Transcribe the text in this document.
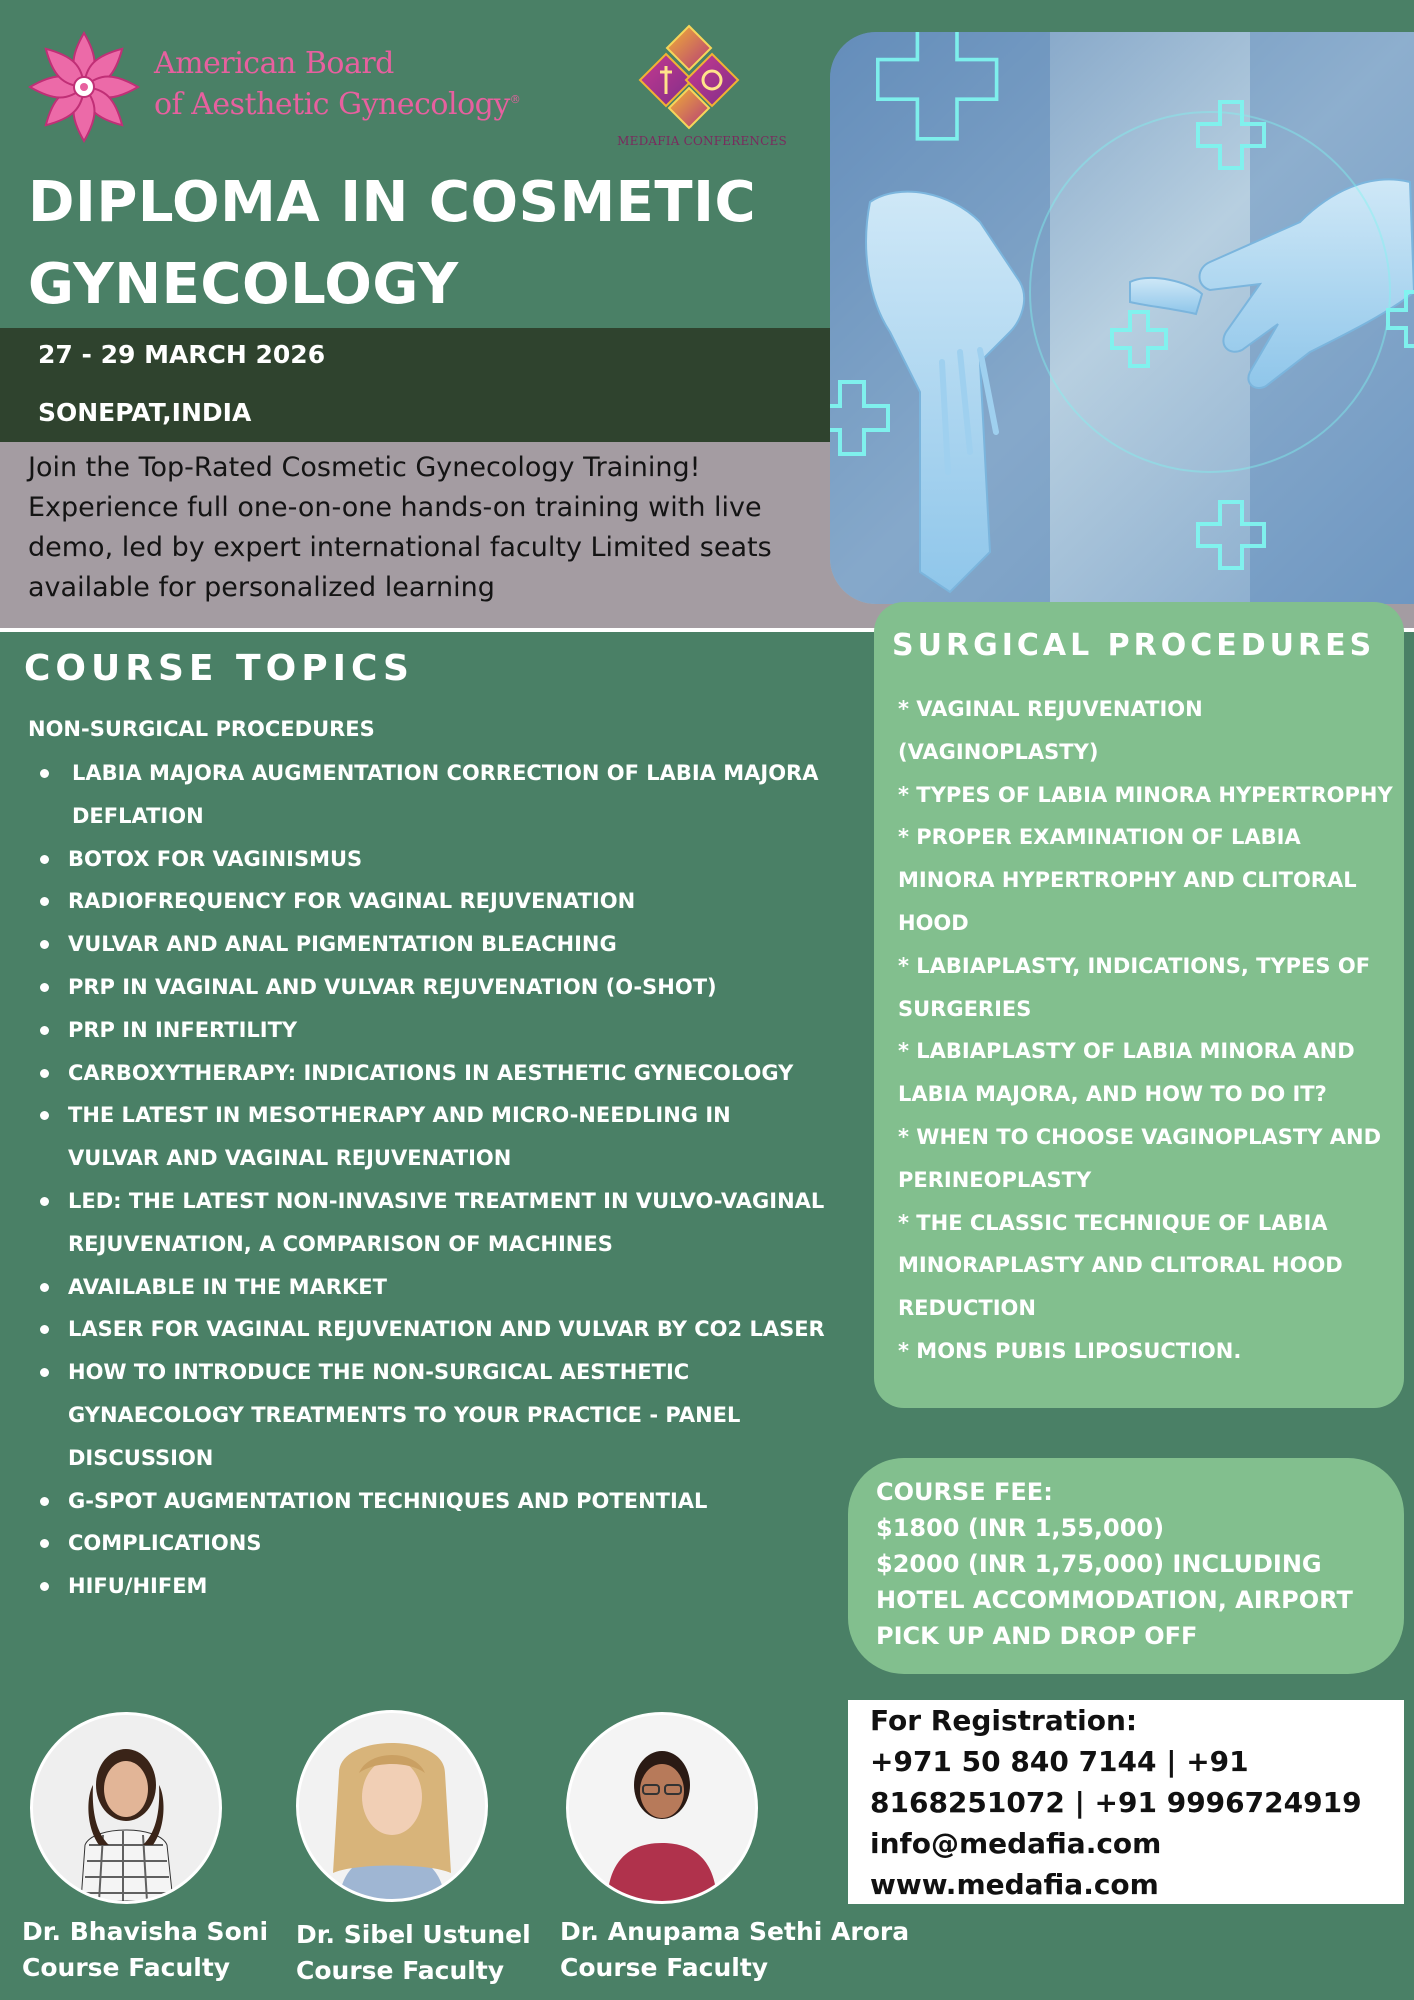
American Board
of Aesthetic Gynecology®
MEDAFIA CONFERENCES
DIPLOMA IN COSMETIC GYNECOLOGY
27 - 29 MARCH 2026
SONEPAT,INDIA

Join the Top-Rated Cosmetic Gynecology Training! Experience full one-on-one hands-on training with live demo, led by expert international faculty Limited seats available for personalized learning

COURSE TOPICS
NON-SURGICAL PROCEDURES
LABIA MAJORA AUGMENTATION CORRECTION OF LABIA MAJORA DEFLATION
BOTOX FOR VAGINISMUS
RADIOFREQUENCY FOR VAGINAL REJUVENATION
VULVAR AND ANAL PIGMENTATION BLEACHING
PRP IN VAGINAL AND VULVAR REJUVENATION (O-SHOT)
PRP IN INFERTILITY
CARBOXYTHERAPY: INDICATIONS IN AESTHETIC GYNECOLOGY
THE LATEST IN MESOTHERAPY AND MICRO-NEEDLING IN VULVAR AND VAGINAL REJUVENATION
LED: THE LATEST NON-INVASIVE TREATMENT IN VULVO-VAGINAL REJUVENATION, A COMPARISON OF MACHINES
AVAILABLE IN THE MARKET
LASER FOR VAGINAL REJUVENATION AND VULVAR BY CO2 LASER
HOW TO INTRODUCE THE NON-SURGICAL AESTHETIC GYNAECOLOGY TREATMENTS TO YOUR PRACTICE - PANEL DISCUSSION
G-SPOT AUGMENTATION TECHNIQUES AND POTENTIAL
COMPLICATIONS
HIFU/HIFEM
SURGICAL PROCEDURES
* VAGINAL REJUVENATION (VAGINOPLASTY)
* TYPES OF LABIA MINORA HYPERTROPHY
* PROPER EXAMINATION OF LABIA MINORA HYPERTROPHY AND CLITORAL HOOD
* LABIAPLASTY, INDICATIONS, TYPES OF SURGERIES
* LABIAPLASTY OF LABIA MINORA AND LABIA MAJORA, AND HOW TO DO IT?
* WHEN TO CHOOSE VAGINOPLASTY AND PERINEOPLASTY
* THE CLASSIC TECHNIQUE OF LABIA MINORAPLASTY AND CLITORAL HOOD REDUCTION
* MONS PUBIS LIPOSUCTION.
COURSE FEE:
$1800 (INR 1,55,000)
$2000 (INR 1,75,000) INCLUDING HOTEL ACCOMMODATION, AIRPORT PICK UP AND DROP OFF
For Registration:
+971 50 840 7144 | +91 8168251072 | +91 9996724919
info@medafia.com
www.medafia.com
Dr. Bhavisha Soni
Course Faculty
Dr. Sibel Ustunel
Course Faculty
Dr. Anupama Sethi Arora
Course Faculty
